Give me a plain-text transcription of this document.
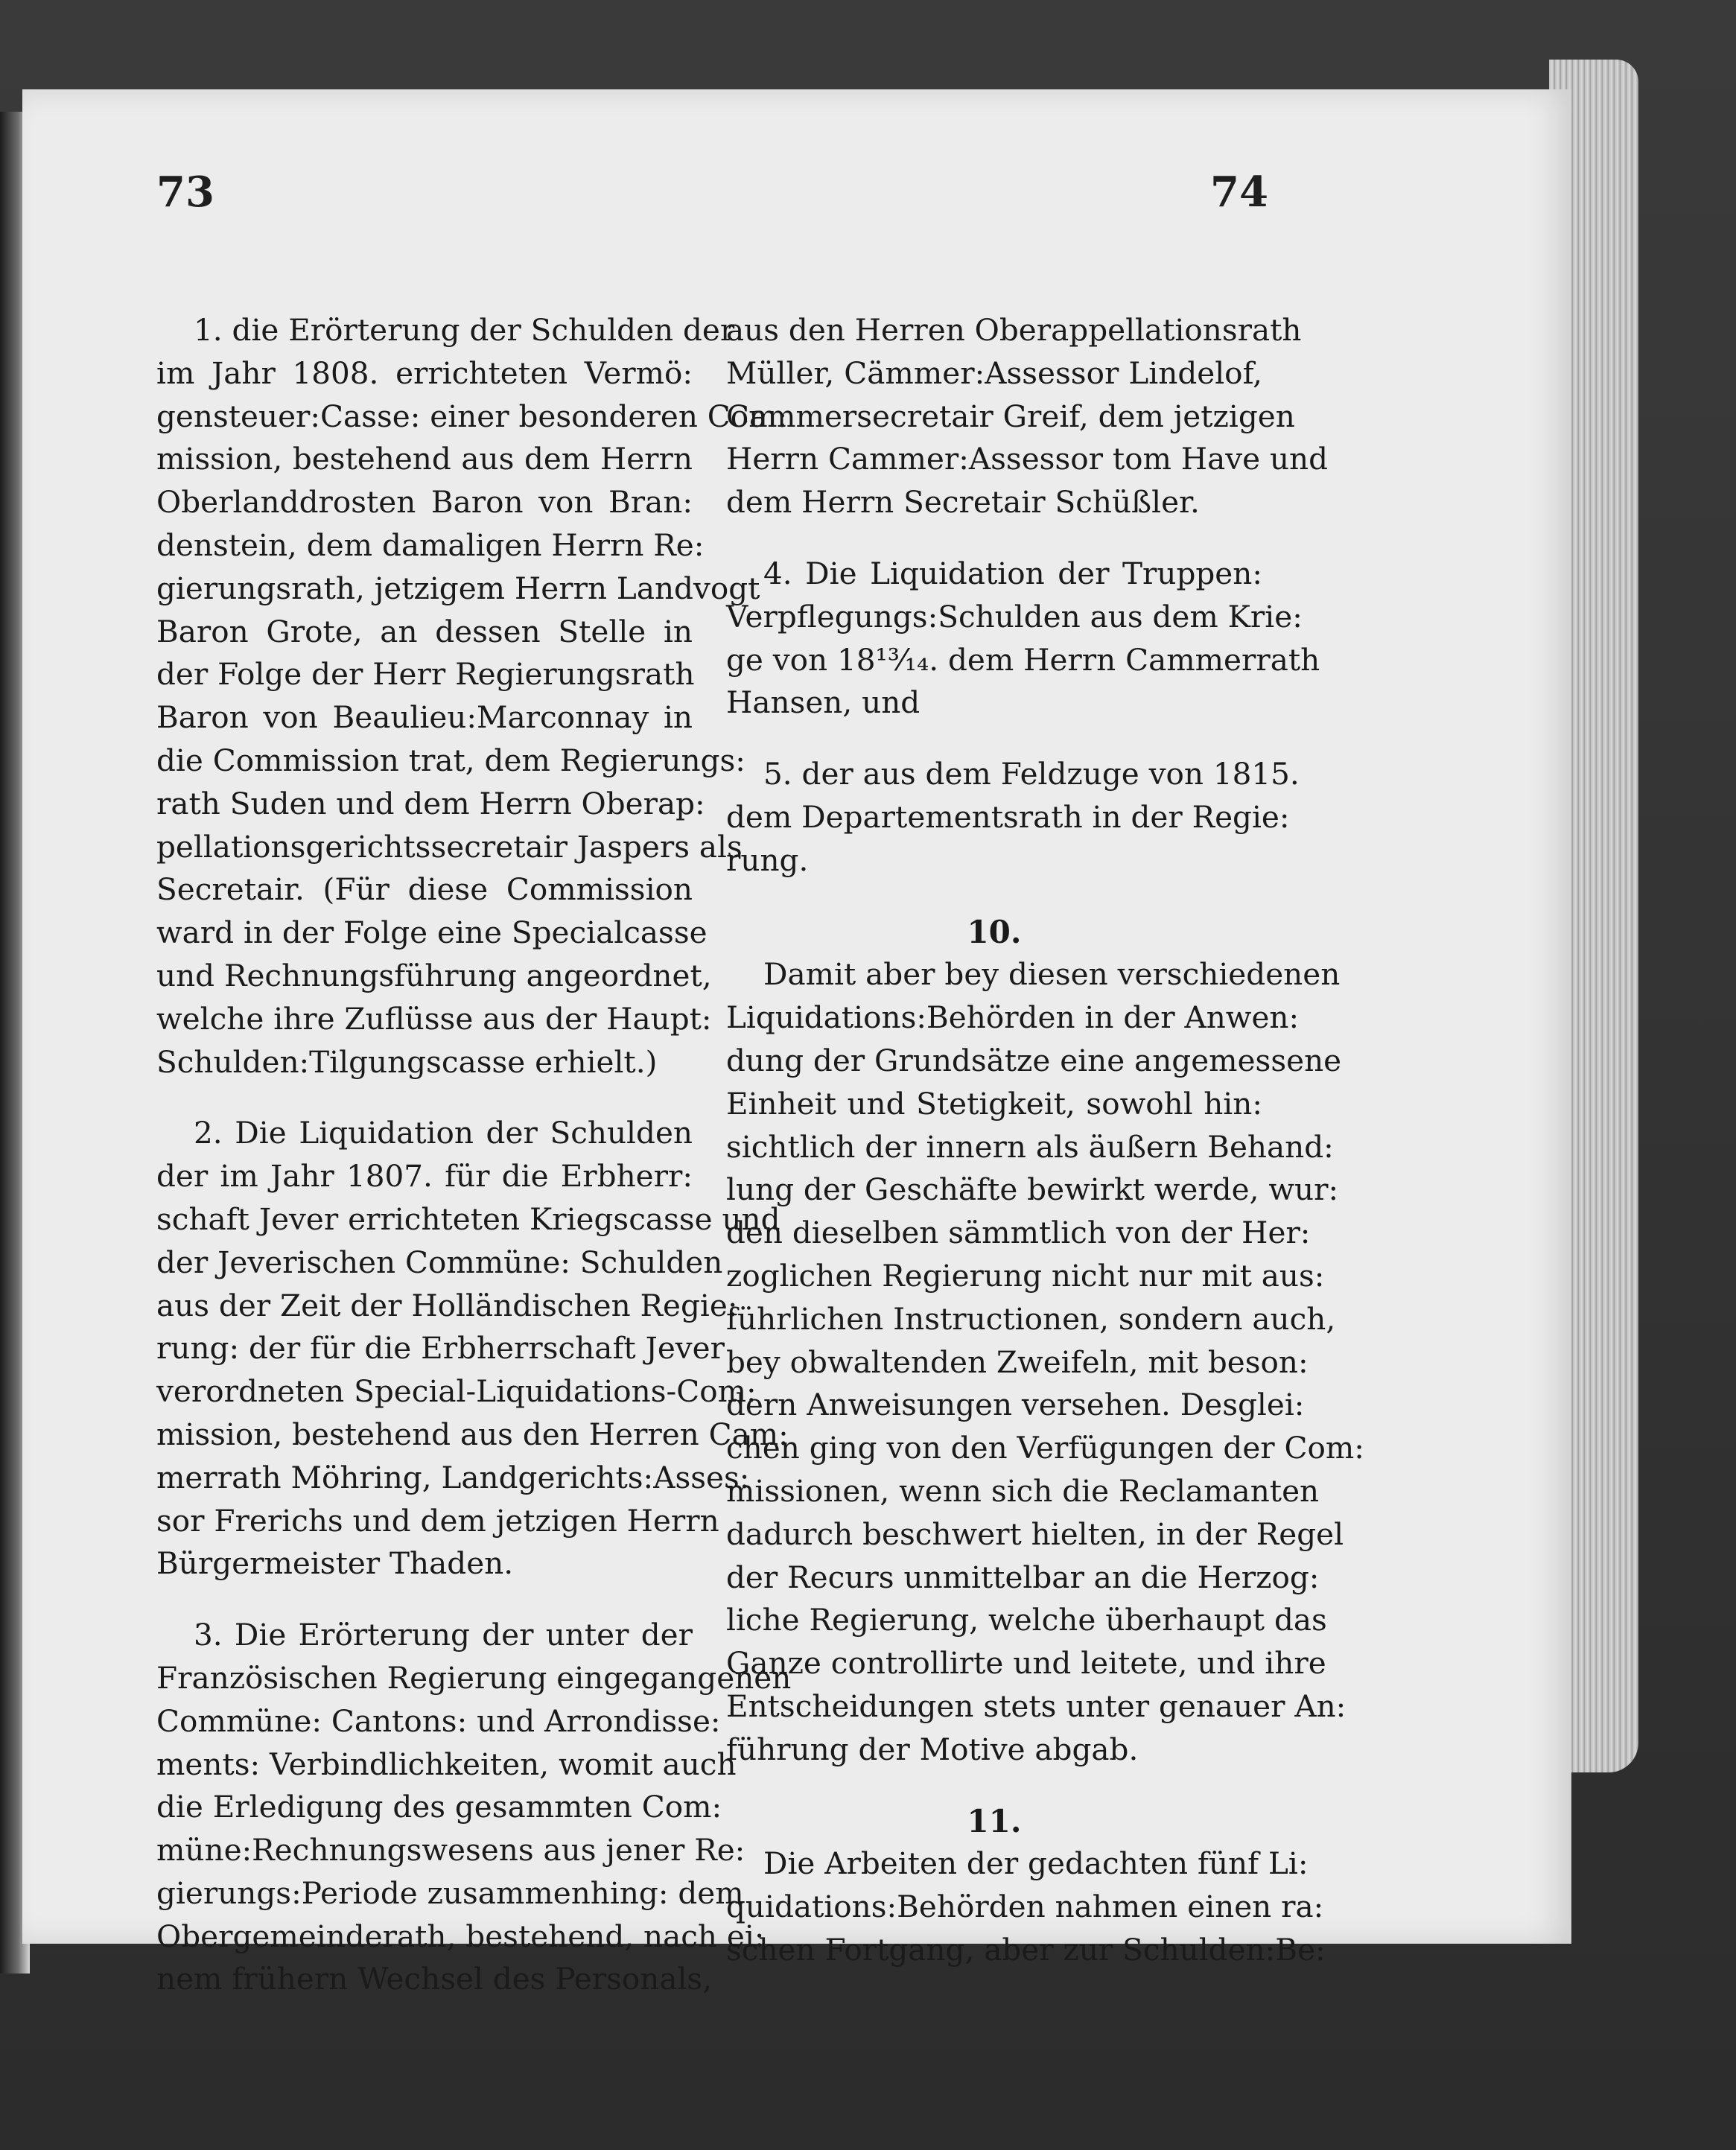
73	74
1. die Erörterung der Schulden der
im Jahr 1808. errichteten Vermö:
gensteuer:Casse: einer besonderen Com:
mission, bestehend aus dem Herrn
Oberlanddrosten Baron von Bran:
denstein, dem damaligen Herrn Re:
gierungsrath, jetzigem Herrn Landvogt
Baron Grote, an dessen Stelle in
der Folge der Herr Regierungsrath
Baron von Beaulieu:Marconnay in
die Commission trat, dem Regierungs:
rath Suden und dem Herrn Oberap:
pellationsgerichtssecretair Jaspers als
Secretair. (Für diese Commission
ward in der Folge eine Specialcasse
und Rechnungsführung angeordnet,
welche ihre Zuflüsse aus der Haupt:
Schulden:Tilgungscasse erhielt.)
2. Die Liquidation der Schulden
der im Jahr 1807. für die Erbherr:
schaft Jever errichteten Kriegscasse und
der Jeverischen Commüne: Schulden
aus der Zeit der Holländischen Regie:
rung: der für die Erbherrschaft Jever
verordneten Special-Liquidations-Com:
mission, bestehend aus den Herren Cam:
merrath Möhring, Landgerichts:Asses:
sor Frerichs und dem jetzigen Herrn
Bürgermeister Thaden.
3. Die Erörterung der unter der
Französischen Regierung eingegangenen
Commüne: Cantons: und Arrondisse:
ments: Verbindlichkeiten, womit auch
die Erledigung des gesammten Com:
müne:Rechnungswesens aus jener Re:
gierungs:Periode zusammenhing: dem
Obergemeinderath, bestehend, nach ei:
nem frühern Wechsel des Personals,
aus den Herren Oberappellationsrath
Müller, Cämmer:Assessor Lindelof,
Cammersecretair Greif, dem jetzigen
Herrn Cammer:Assessor tom Have und
dem Herrn Secretair Schüßler.
4. Die Liquidation der Truppen:
Verpflegungs:Schulden aus dem Krie:
ge von 18¹³⁄₁₄. dem Herrn Cammerrath
Hansen, und
5. der aus dem Feldzuge von 1815.
dem Departementsrath in der Regie:
rung.
10.
Damit aber bey diesen verschiedenen
Liquidations:Behörden in der Anwen:
dung der Grundsätze eine angemessene
Einheit und Stetigkeit, sowohl hin:
sichtlich der innern als äußern Behand:
lung der Geschäfte bewirkt werde, wur:
den dieselben sämmtlich von der Her:
zoglichen Regierung nicht nur mit aus:
führlichen Instructionen, sondern auch,
bey obwaltenden Zweifeln, mit beson:
dern Anweisungen versehen. Desglei:
chen ging von den Verfügungen der Com:
missionen, wenn sich die Reclamanten
dadurch beschwert hielten, in der Regel
der Recurs unmittelbar an die Herzog:
liche Regierung, welche überhaupt das
Ganze controllirte und leitete, und ihre
Entscheidungen stets unter genauer An:
führung der Motive abgab.
11.
Die Arbeiten der gedachten fünf Li:
quidations:Behörden nahmen einen ra:
schen Fortgang, aber zur Schulden:Be:
